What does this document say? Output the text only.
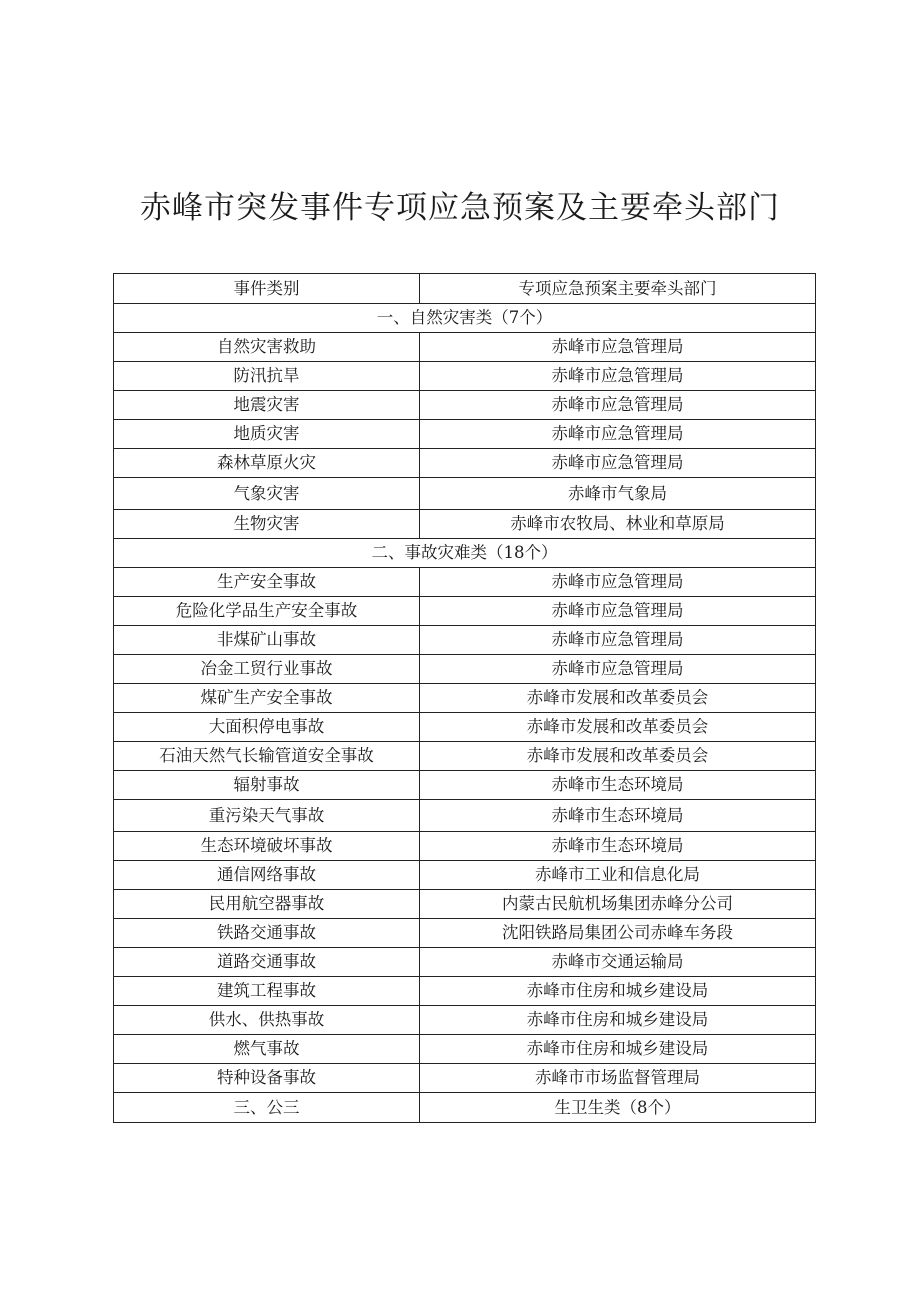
赤峰市突发事件专项应急预案及主要牵头部门
事件类别	专项应急预案主要牵头部门
一、自然灾害类（7个）	
自然灾害救助	赤峰市应急管理局
防汛抗旱	赤峰市应急管理局
地震灾害	赤峰市应急管理局
地质灾害	赤峰市应急管理局
森林草原火灾	赤峰市应急管理局
气象灾害	赤峰市气象局
生物灾害	赤峰市农牧局、林业和草原局
二、事故灾难类（18个）	
生产安全事故	赤峰市应急管理局
危险化学品生产安全事故	赤峰市应急管理局
非煤矿山事故	赤峰市应急管理局
冶金工贸行业事故	赤峰市应急管理局
煤矿生产安全事故	赤峰市发展和改革委员会
大面积停电事故	赤峰市发展和改革委员会
石油天然气长输管道安全事故	赤峰市发展和改革委员会
辐射事故	赤峰市生态环境局
重污染天气事故	赤峰市生态环境局
生态环境破坏事故	赤峰市生态环境局
通信网络事故	赤峰市工业和信息化局
民用航空器事故	内蒙古民航机场集团赤峰分公司
铁路交通事故	沈阳铁路局集团公司赤峰车务段
道路交通事故	赤峰市交通运输局
建筑工程事故	赤峰市住房和城乡建设局
供水、供热事故	赤峰市住房和城乡建设局
燃气事故	赤峰市住房和城乡建设局
特种设备事故	赤峰市市场监督管理局
三、公三	生卫生类（8个）
